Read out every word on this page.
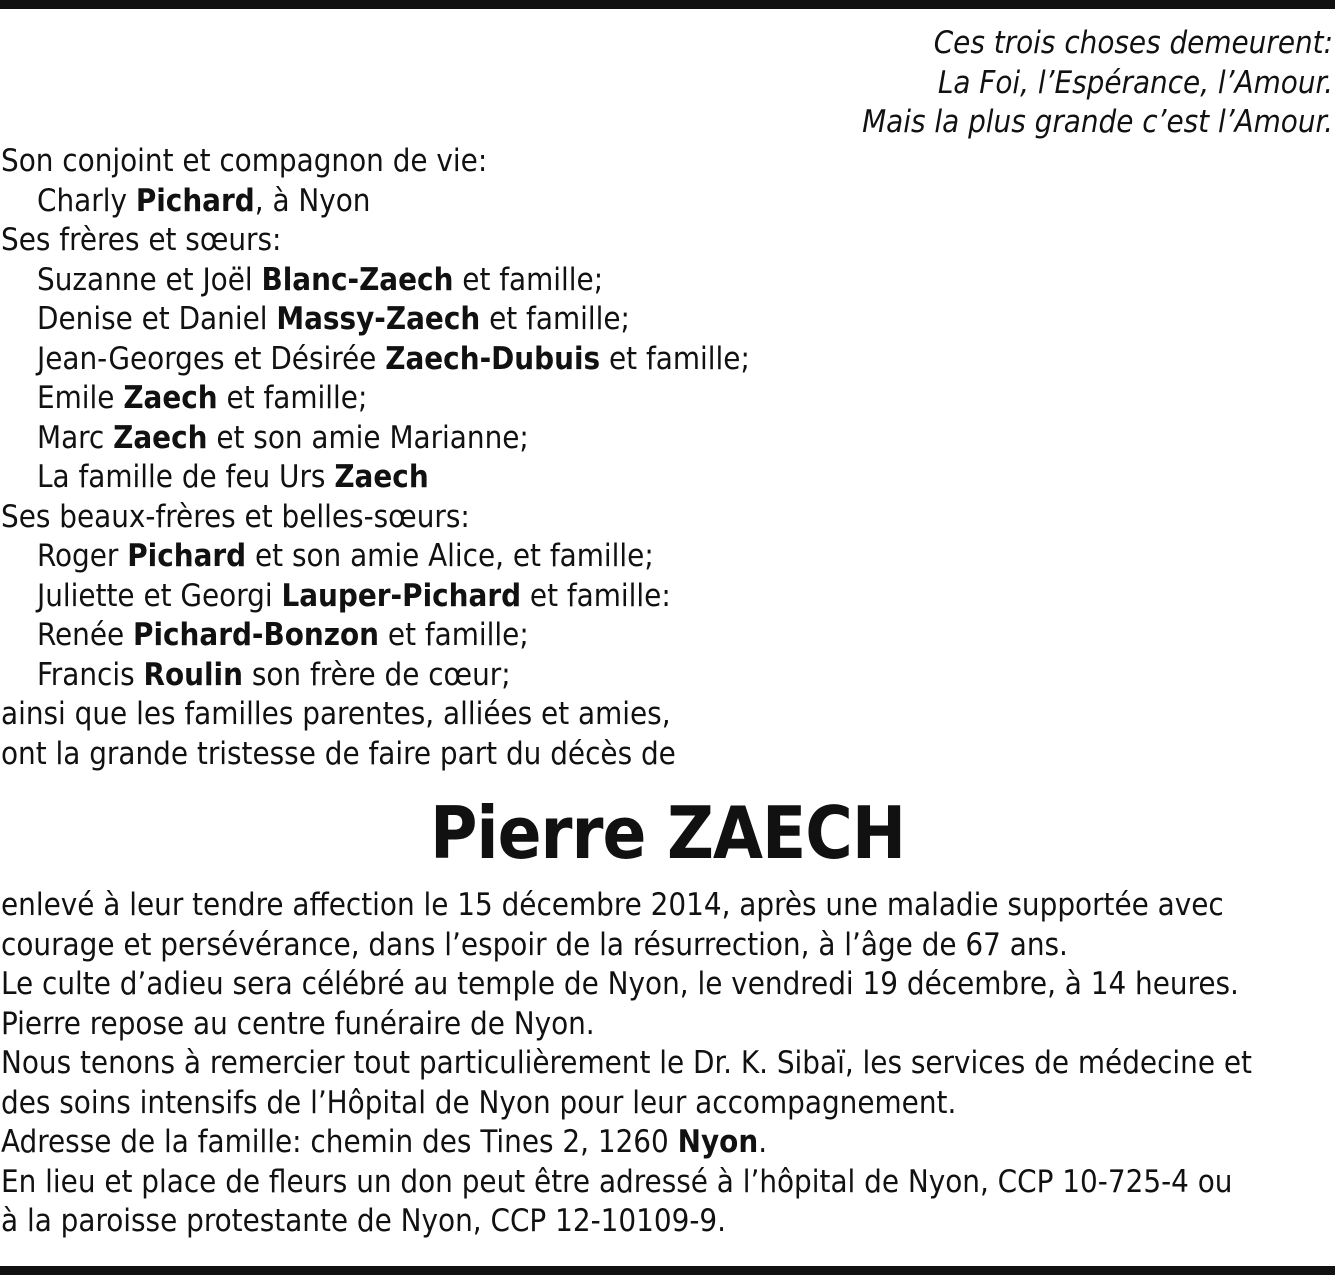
Ces trois choses demeurent:
La Foi, l’Espérance, l’Amour.
Mais la plus grande c’est l’Amour.
Son conjoint et compagnon de vie:
Charly Pichard, à Nyon
Ses frères et sœurs:
Suzanne et Joël Blanc-Zaech et famille;
Denise et Daniel Massy-Zaech et famille;
Jean-Georges et Désirée Zaech-Dubuis et famille;
Emile Zaech et famille;
Marc Zaech et son amie Marianne;
La famille de feu Urs Zaech
Ses beaux-frères et belles-sœurs:
Roger Pichard et son amie Alice, et famille;
Juliette et Georgi Lauper-Pichard et famille:
Renée Pichard-Bonzon et famille;
Francis Roulin son frère de cœur;
ainsi que les familles parentes, alliées et amies,
ont la grande tristesse de faire part du décès de
Pierre ZAECH
enlevé à leur tendre affection le 15 décembre 2014, après une maladie supportée avec
courage et persévérance, dans l’espoir de la résurrection, à l’âge de 67 ans.
Le culte d’adieu sera célébré au temple de Nyon, le vendredi 19 décembre, à 14 heures.
Pierre repose au centre funéraire de Nyon.
Nous tenons à remercier tout particulièrement le Dr. K. Sibaï, les services de médecine et
des soins intensifs de l’Hôpital de Nyon pour leur accompagnement.
Adresse de la famille: chemin des Tines 2, 1260 Nyon.
En lieu et place de fleurs un don peut être adressé à l’hôpital de Nyon, CCP 10-725-4 ou
à la paroisse protestante de Nyon, CCP 12-10109-9.
